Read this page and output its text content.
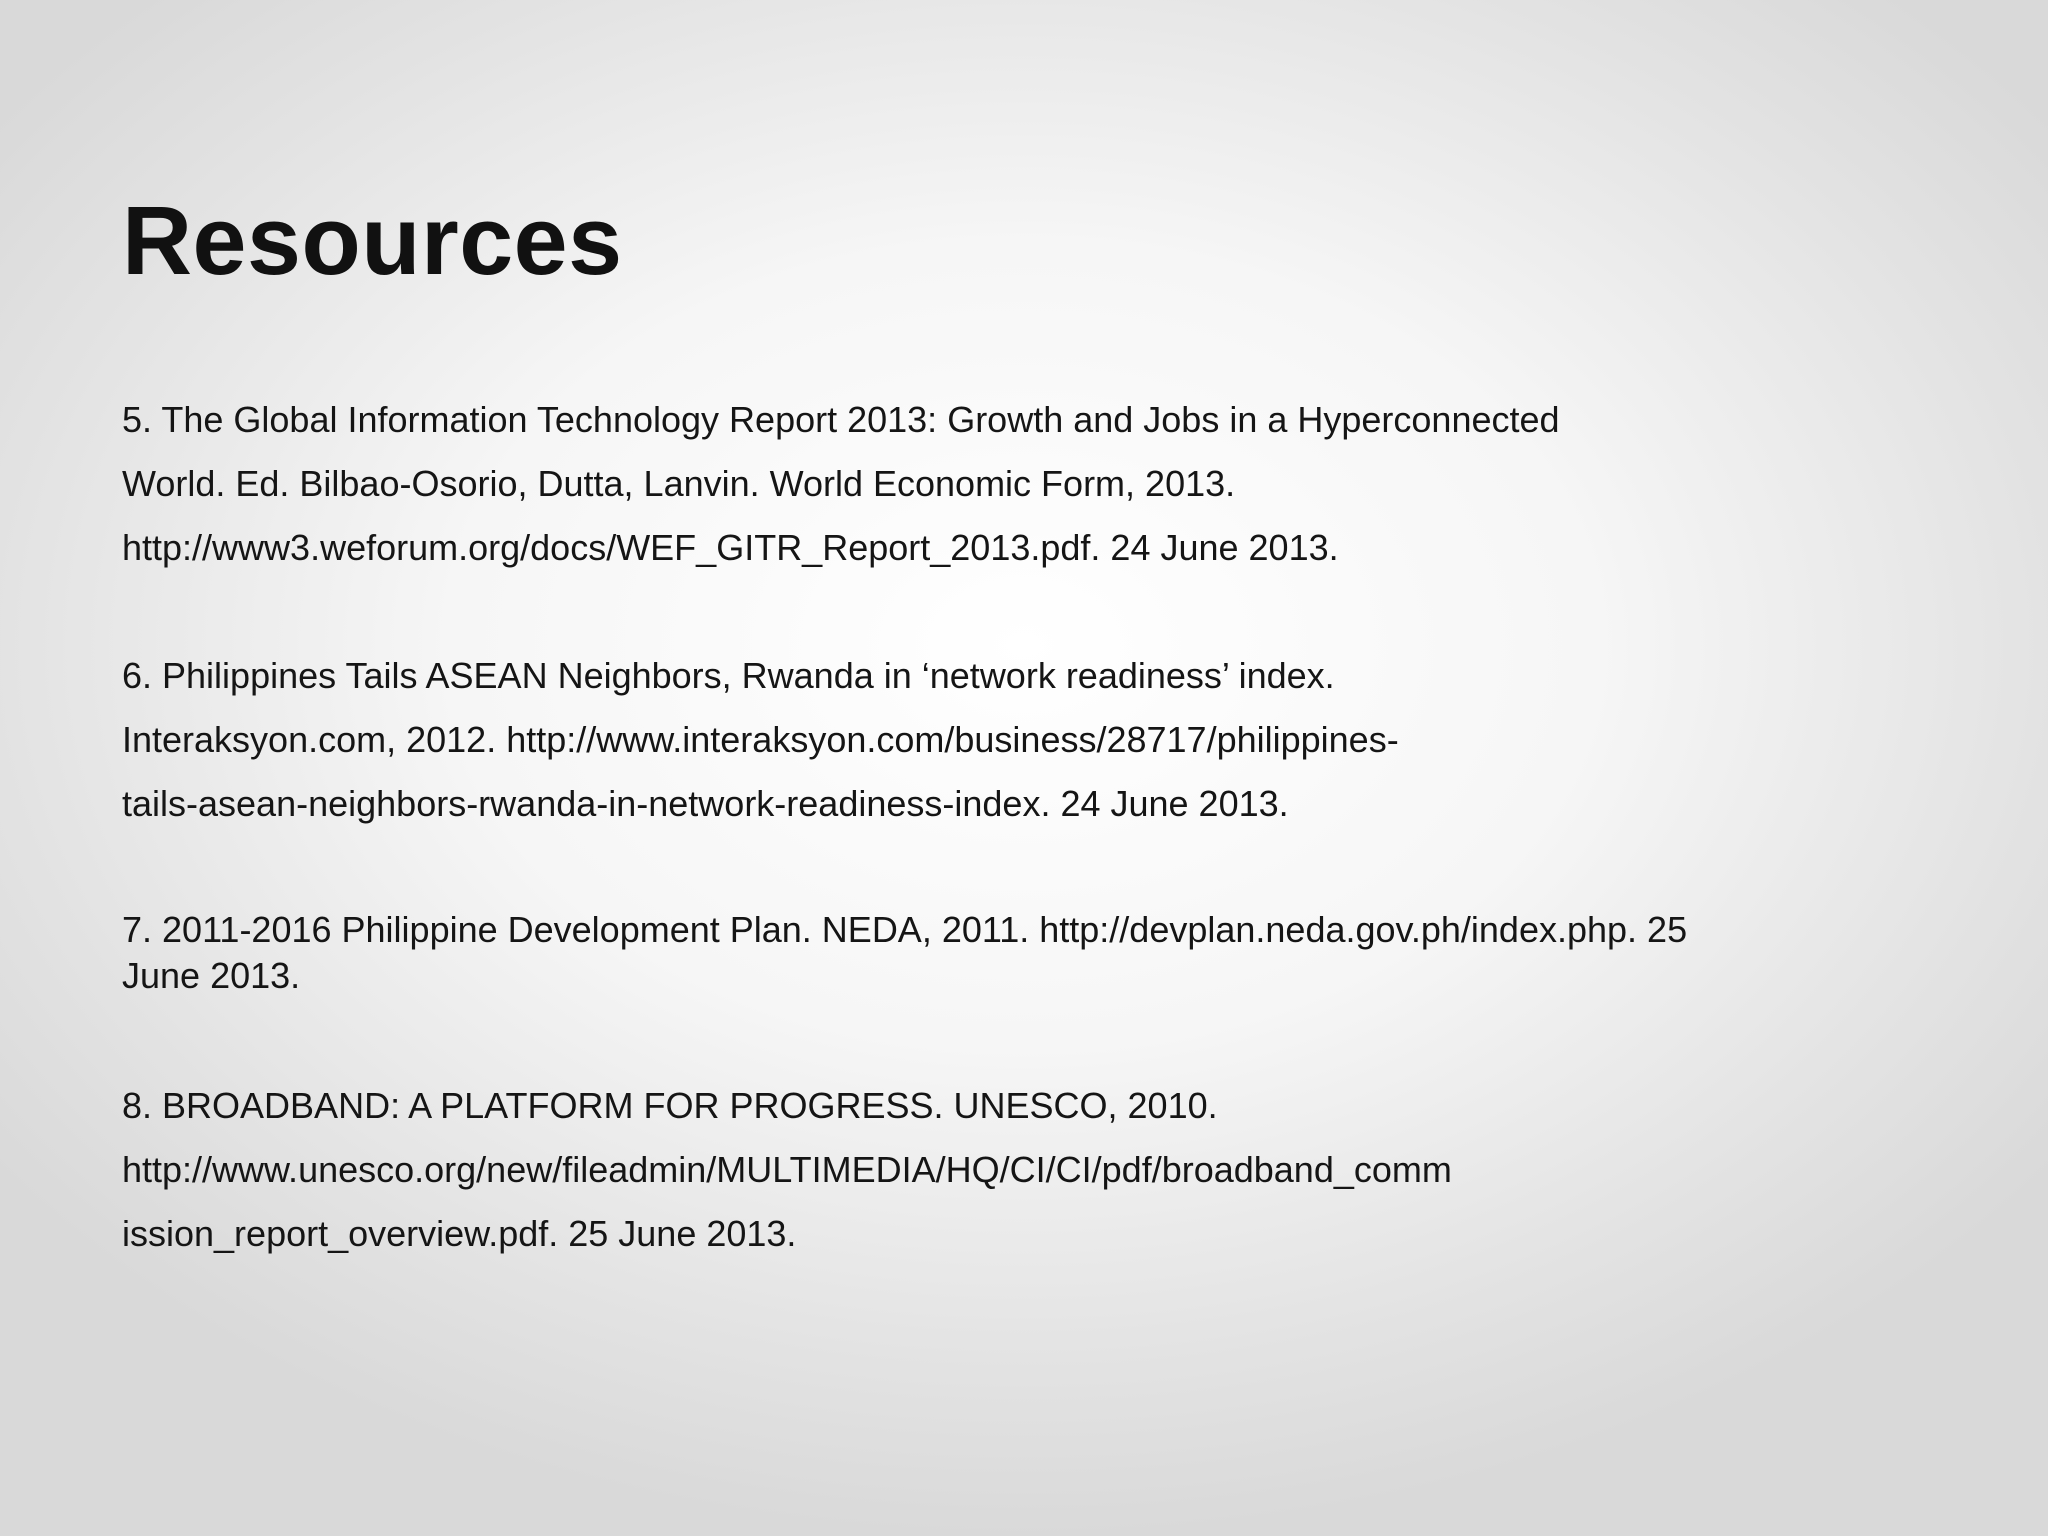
Resources
5. The Global Information Technology Report 2013: Growth and Jobs in a Hyperconnected
World. Ed. Bilbao-Osorio, Dutta, Lanvin. World Economic Form, 2013.
http://www3.weforum.org/docs/WEF_GITR_Report_2013.pdf. 24 June 2013.
6. Philippines Tails ASEAN Neighbors, Rwanda in ‘network readiness’ index.
Interaksyon.com, 2012. http://www.interaksyon.com/business/28717/philippines-
tails-asean-neighbors-rwanda-in-network-readiness-index. 24 June 2013.
7. 2011-2016 Philippine Development Plan. NEDA, 2011. http://devplan.neda.gov.ph/index.php. 25
June 2013.
8. BROADBAND: A PLATFORM FOR PROGRESS. UNESCO, 2010.
http://www.unesco.org/new/fileadmin/MULTIMEDIA/HQ/CI/CI/pdf/broadband_comm
ission_report_overview.pdf. 25 June 2013.
